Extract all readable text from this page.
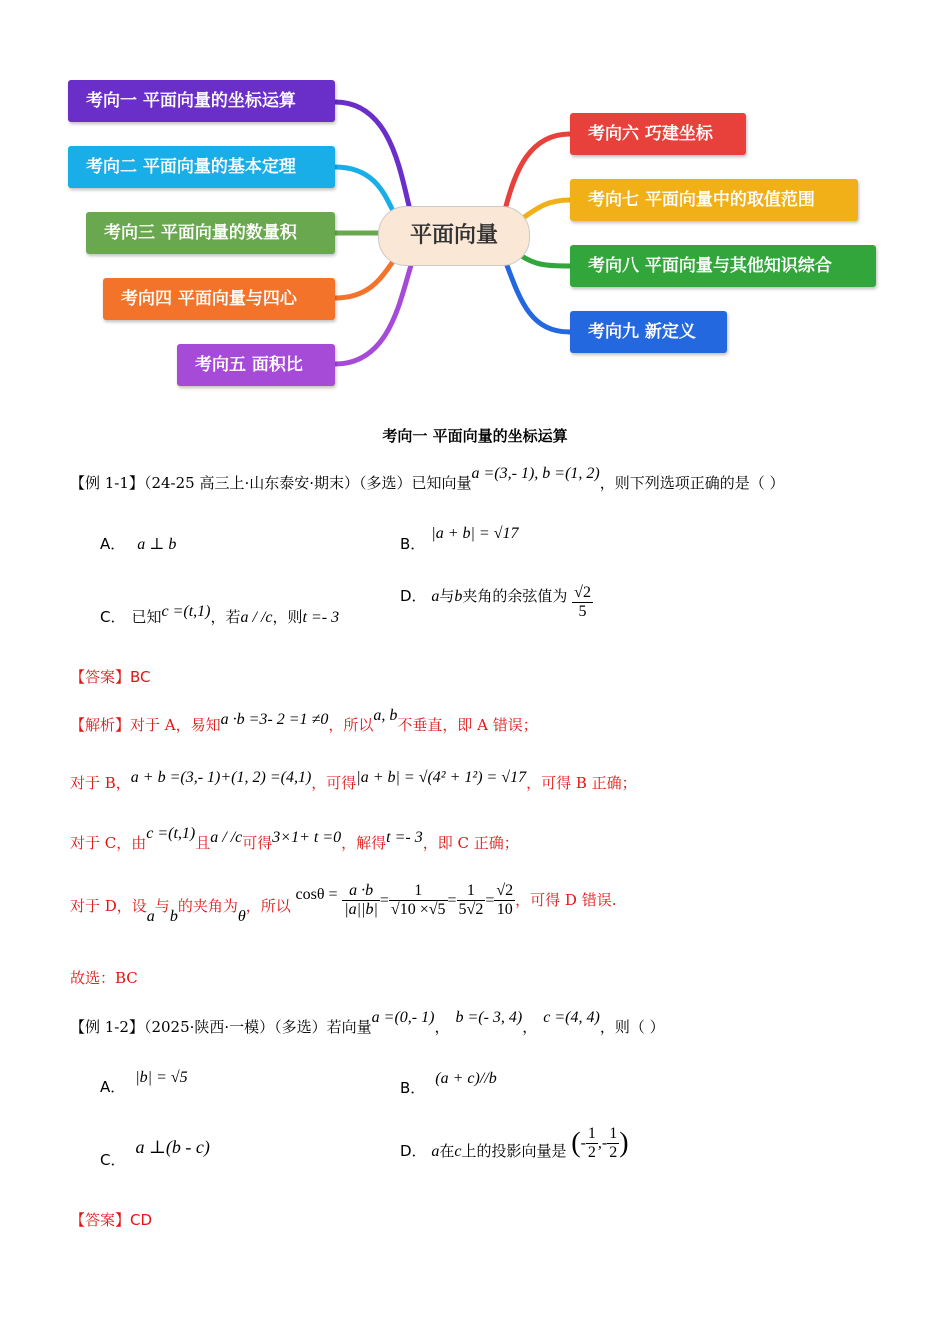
考向一 平面向量的坐标运算
考向二 平面向量的基本定理
考向三 平面向量的数量积
考向四 平面向量与四心
考向五 面积比
平面向量
考向六 巧建坐标
考向七 平面向量中的取值范围
考向八 平面向量与其他知识综合
考向九 新定义
考向一 平面向量的坐标运算
【例 1-1】（24-25 高三上·山东泰安·期末）（多选）已知向量a =(3,- 1), b =(1, 2)，则下列选项正确的是（ ）
A． a ⊥ b	B．|a + b| = √17
C． 已知c =(t,1)，若a / /c，则t =- 3
D． a与b夹角的余弦值为 $\frac{√2}{5}$
【答案】BC
【解析】对于 A，易知a ·b =3- 2 =1 ≠0，所以a, b不垂直，即 A 错误；
对于 B，a + b =(3,- 1)+(1, 2) =(4,1)，可得|a + b| = √(4² + 1²) = √17，可得 B 正确；
对于 C，由c =(t,1)且a / /c可得3×1+ t =0，解得t =- 3，即 C 正确；
对于 D，设a与b的夹角为θ，所以 $\cos\theta = \frac{a \cdot b}{|a||b|} = \frac{1}{√10 \times√5} = \frac{1}{5√2} = \frac{√2}{10}$ ，可得 D 错误.
故选：BC
【例 1-2】（2025·陕西·一模）（多选）若向量a =(0,- 1)，b =(- 3, 4)，c =(4, 4)，则（ ）
A．|b| = √5
B．(a + c)//b
C．a ⊥(b - c)	D． a在c上的投影向量是 (- $\frac{1}{2}$ ,- $\frac{1}{2}$ )
【答案】CD
